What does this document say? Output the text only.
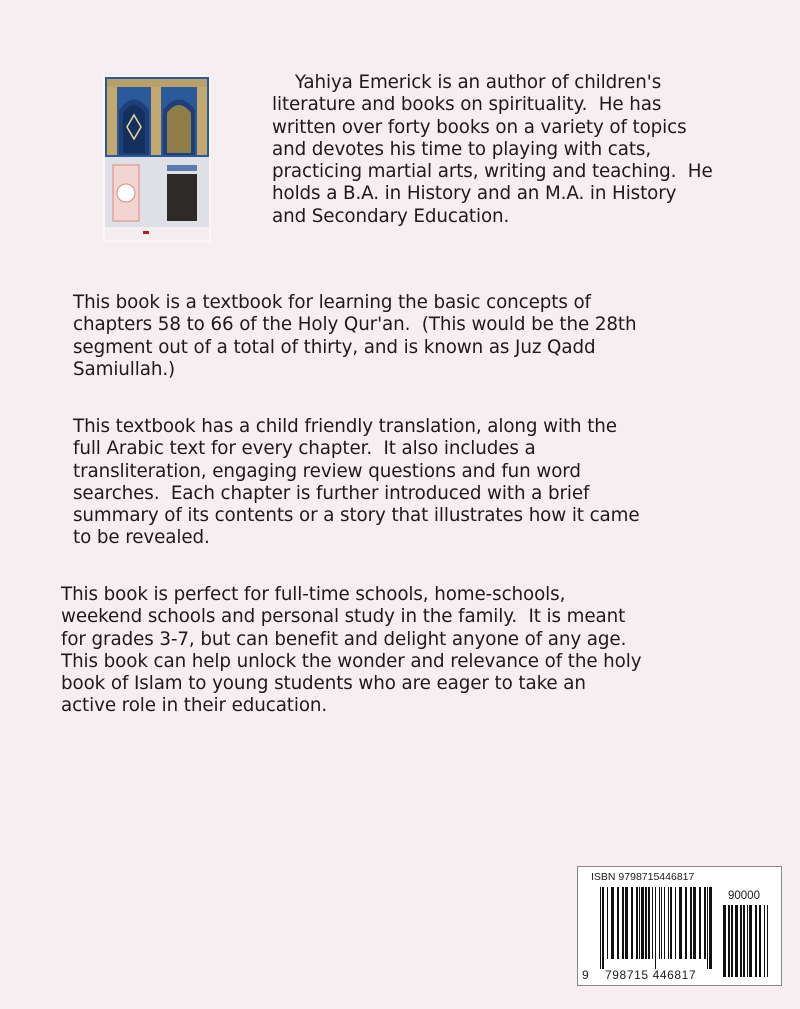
Yahiya Emerick is an author of children's
literature and books on spirituality.  He has
written over forty books on a variety of topics
and devotes his time to playing with cats,
practicing martial arts, writing and teaching.  He
holds a B.A. in History and an M.A. in History
and Secondary Education.
This book is a textbook for learning the basic concepts of
chapters 58 to 66 of the Holy Qur'an.  (This would be the 28th
segment out of a total of thirty, and is known as Juz Qadd
Samiullah.)
This textbook has a child friendly translation, along with the
full Arabic text for every chapter.  It also includes a
transliteration, engaging review questions and fun word
searches.  Each chapter is further introduced with a brief
summary of its contents or a story that illustrates how it came
to be revealed.
This book is perfect for full-time schools, home-schools,
weekend schools and personal study in the family.  It is meant
for grades 3-7, but can benefit and delight anyone of any age.
This book can help unlock the wonder and relevance of the holy
book of Islam to young students who are eager to take an
active role in their education.
ISBN 9798715446817
90000
9 798715 446817
